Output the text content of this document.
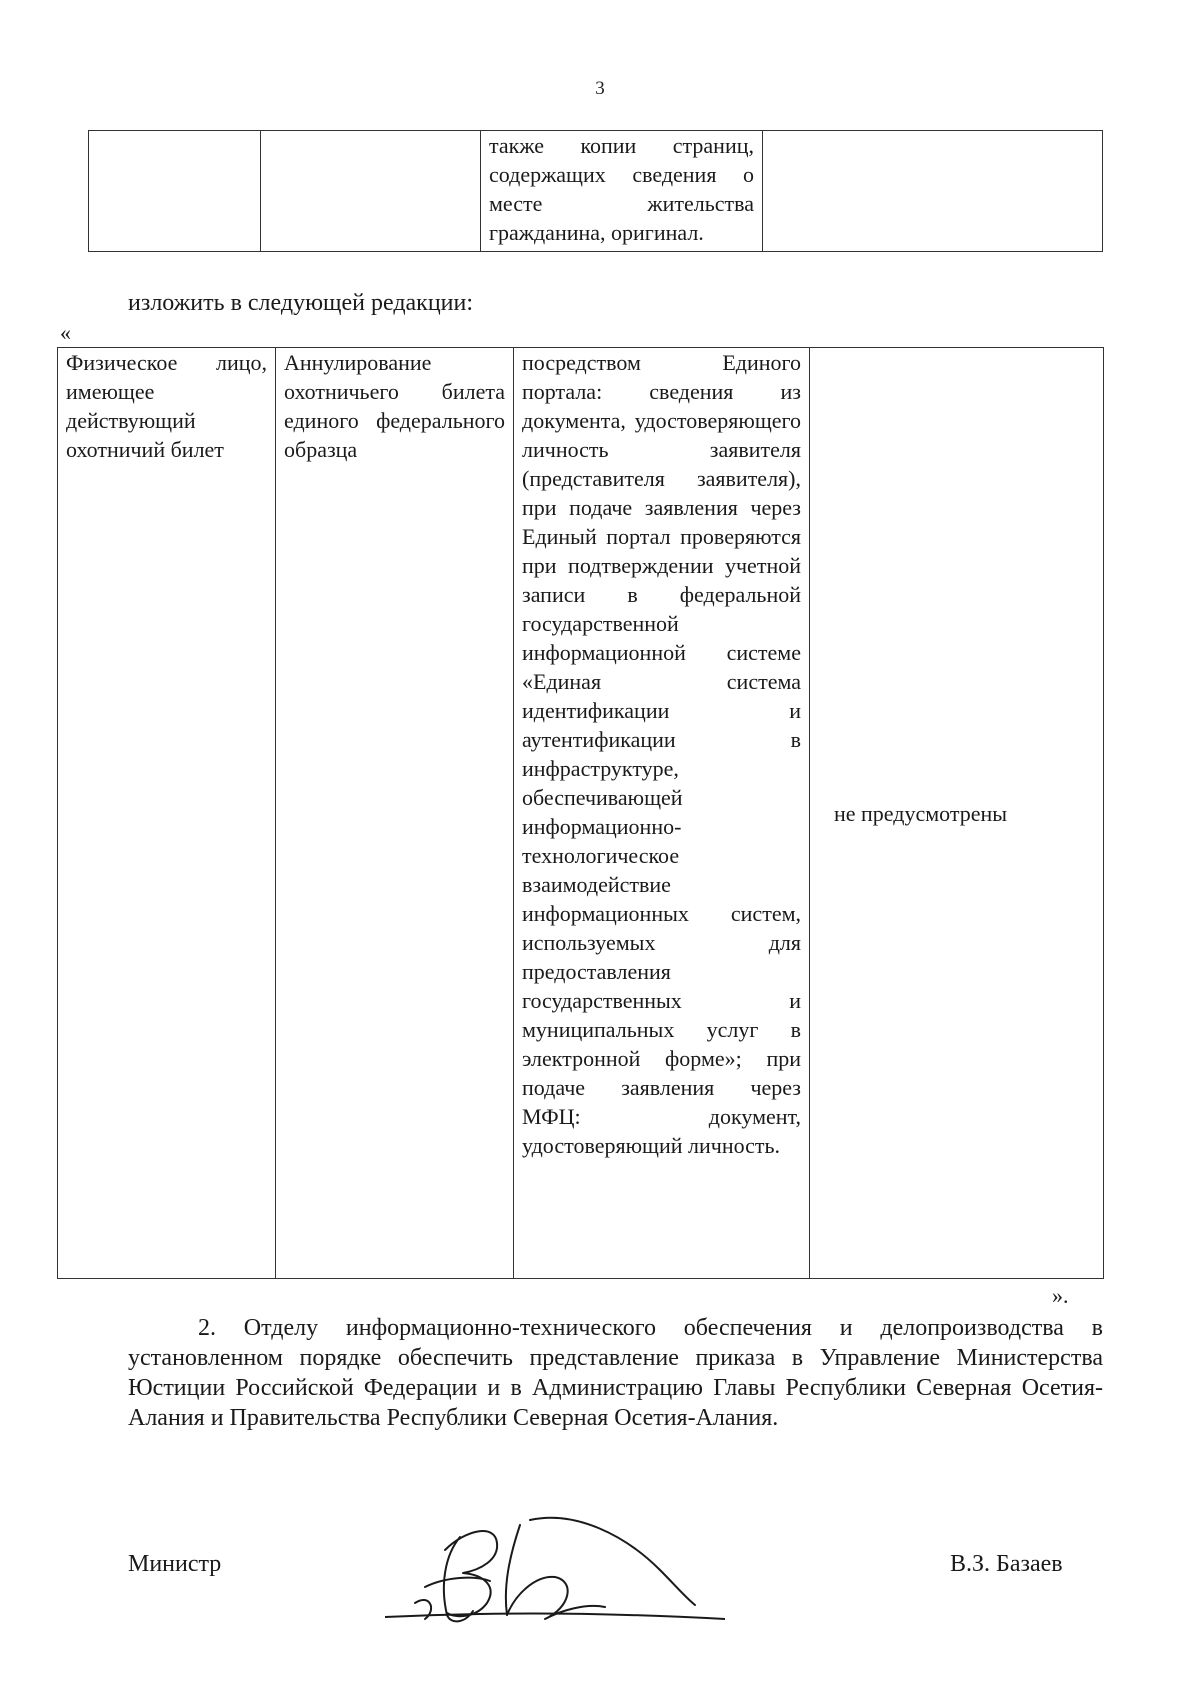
3
		также копии страниц, содержащих сведения о месте жительства гражданина, оригинал.	
изложить в следующей редакции:
«
Физическое лицо, имеющее действующий охотничий билет	Аннулирование охотничьего билета единого федерального образца	посредством Единого портала: сведения из документа, удостоверяющего личность заявителя (представителя заявителя), при подаче заявления через Единый портал проверяются при подтверждении учетной записи в федеральной государственной информационной системе «Единая система идентификации и аутентификации в инфраструктуре, обеспечивающей информационно-технологическое взаимодействие информационных систем, используемых для предоставления государственных и муниципальных услуг в электронной форме»; при подаче заявления через МФЦ: документ, удостоверяющий личность.	не предусмотрены
».
2. Отделу информационно-технического обеспечения и делопроизводства в установленном порядке обеспечить представление приказа в Управление Министерства Юстиции Российской Федерации и в Администрацию Главы Республики Северная Осетия-Алания и Правительства Республики Северная Осетия-Алания.
Министр	В.З. Базаев
